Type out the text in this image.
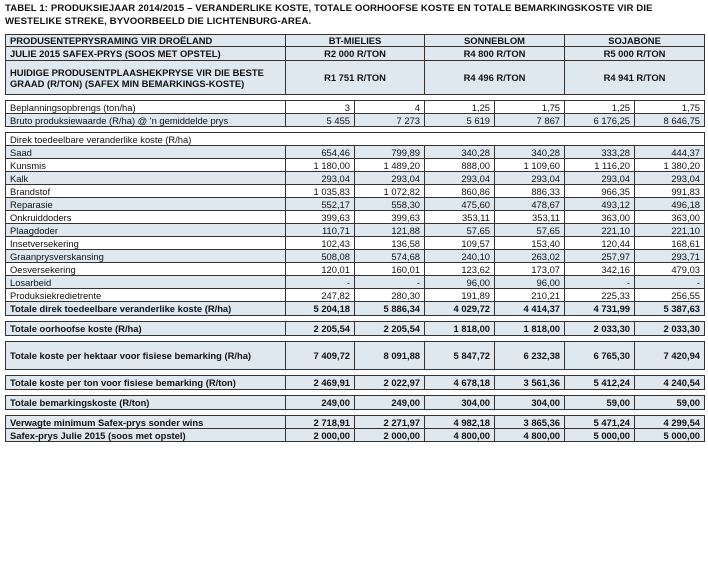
TABEL 1: PRODUKSIEJAAR 2014/2015 – VERANDERLIKE KOSTE, TOTALE OORHOOFSE KOSTE EN TOTALE BEMARKINGSKOSTE VIR DIE WESTELIKE STREKE, BYVOORBEELD DIE LICHTENBURG-AREA.
PRODUSENTEPRYSRAMING VIR DROËLAND	BT-MIELIES		SONNEBLOM		SOJABONE	
JULIE 2015 SAFEX-PRYS (SOOS MET OPSTEL)	R2 000 R/TON		R4 800 R/TON		R5 000 R/TON	
HUIDIGE PRODUSENTPLAASHEKPRYSE VIR DIE BESTE GRAAD (R/TON) (SAFEX MIN BEMARKINGS-KOSTE)	R1 751 R/TON		R4 496 R/TON		R4 941 R/TON	

Beplanningsopbrengs (ton/ha)	3	4	1,25	1,75	1,25	1,75
Bruto produksiewaarde (R/ha) @ 'n gemiddelde prys	5 455	7 273	5 619	7 867	6 176,25	8 646,75

Direk toedeelbare veranderlike koste (R/ha)						
Saad	654,46	799,89	340,28	340,28	333,28	444,37
Kunsmis	1 180,00	1 489,20	888,00	1 109,60	1 116,20	1 380,20
Kalk	293,04	293,04	293,04	293,04	293,04	293,04
Brandstof	1 035,83	1 072,82	860,86	886,33	966,35	991,83
Reparasie	552,17	558,30	475,60	478,67	493,12	496,18
Onkruiddoders	399,63	399,63	353,11	353,11	363,00	363,00
Plaagdoder	110,71	121,88	57,65	57,65	221,10	221,10
Insetversekering	102,43	136,58	109,57	153,40	120,44	168,61
Graanprysverskansing	508,08	574,68	240,10	263,02	257,97	293,71
Oesversekering	120,01	160,01	123,62	173,07	342,16	479,03
Losarbeid	-	-	96,00	96,00	-	-
Produksiekredietrente	247,82	280,30	191,89	210,21	225,33	256,55
Totale direk toedeelbare veranderlike koste (R/ha)	5 204,18	5 886,34	4 029,72	4 414,37	4 731,99	5 387,63

Totale oorhoofse koste (R/ha)	2 205,54	2 205,54	1 818,00	1 818,00	2 033,30	2 033,30

Totale koste per hektaar voor fisiese bemarking (R/ha)	7 409,72	8 091,88	5 847,72	6 232,38	6 765,30	7 420,94

Totale koste per ton voor fisiese bemarking (R/ton)	2 469,91	2 022,97	4 678,18	3 561,36	5 412,24	4 240,54

Totale bemarkingskoste (R/ton)	249,00	249,00	304,00	304,00	59,00	59,00

Verwagte minimum Safex-prys sonder wins	2 718,91	2 271,97	4 982,18	3 865,36	5 471,24	4 299,54
Safex-prys Julie 2015 (soos met opstel)	2 000,00	2 000,00	4 800,00	4 800,00	5 000,00	5 000,00
